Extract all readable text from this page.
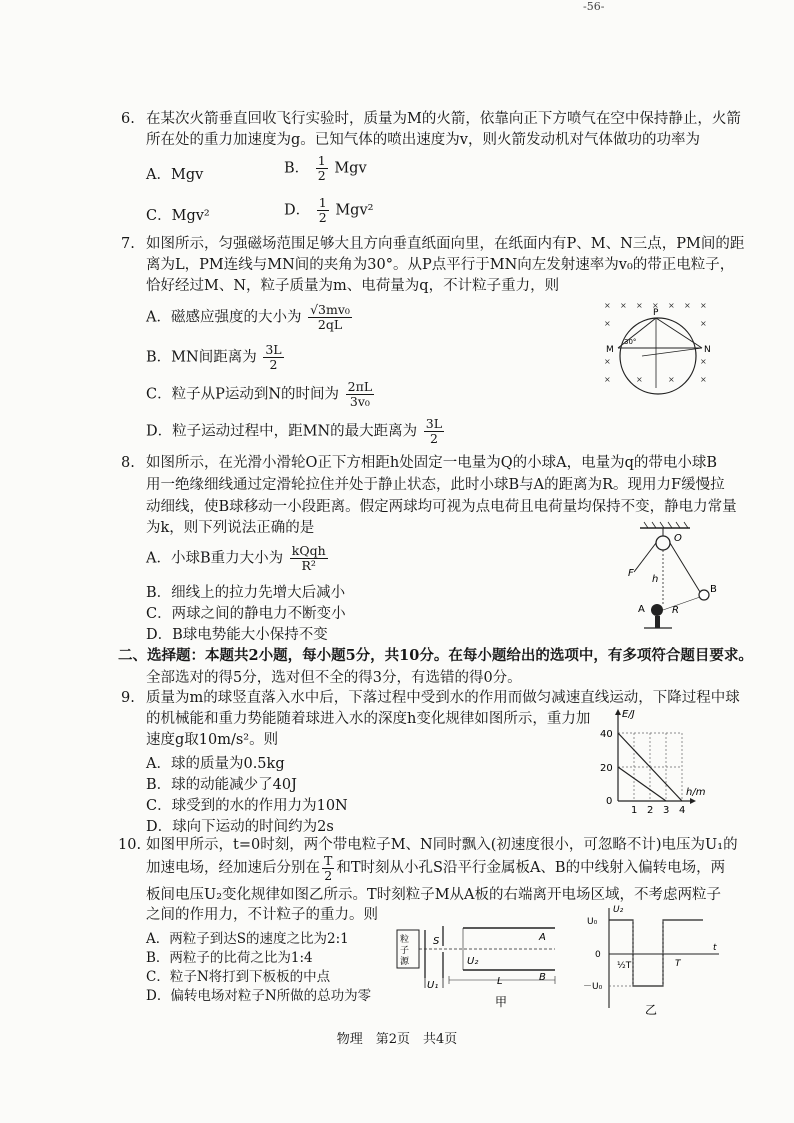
-56-
6. 在某次火箭垂直回收飞行实验时，质量为M的火箭，依靠向正下方喷气在空中保持静止，火箭
所在处的重力加速度为g。已知气体的喷出速度为v，则火箭发动机对气体做功的功率为
A．Mgv	B． $\frac{1}{2}$ Mgv
C．Mgv²	D． $\frac{1}{2} Mgv^2$
7. 如图所示，匀强磁场范围足够大且方向垂直纸面向里，在纸面内有P、M、N三点，PM间的距
离为L，PM连线与MN间的夹角为30°。从P点平行于MN向左发射速率为v₀的带正电粒子，
恰好经过M、N，粒子质量为m、电荷量为q，不计粒子重力，则
A．磁感应强度的大小为 $\frac{\text{√3mv₀}}{2qL}$
B．MN间距离为 $\frac{3L}{2}$
C．粒子从P运动到N的时间为 $\frac{2\pi L}{\text{3v₀}}$
D．粒子运动过程中，距MN的最大距离为 $\frac{3L}{2}$
× × × × × × ×
×	×
×	×
×	×
×	×
P
M	N
30°
8. 如图所示，在光滑小滑轮O正下方相距h处固定一电量为Q的小球A，电量为q的带电小球B
用一绝缘细线通过定滑轮拉住并处于静止状态，此时小球B与A的距离为R。现用力F缓慢拉
动细线，使B球移动一小段距离。假定两球均可视为点电荷且电荷量均保持不变，静电力常量
为k，则下列说法正确的是
A．小球B重力大小为 $\frac{\text{kQqh}}{\text{R²}}$
B．细线上的拉力先增大后减小
C．两球之间的静电力不断变小
D．B球电势能大小保持不变
O
F
h
B
A	R
二、选择题：本题共2小题，每小题5分，共10分。在每小题给出的选项中，有多项符合题目要求。
全部选对的得5分，选对但不全的得3分，有选错的得0分。
9. 质量为m的球竖直落入水中后，下落过程中受到水的作用而做匀减速直线运动，下降过程中球
的机械能和重力势能随着球进入水的深度h变化规律如图所示，重力加
速度g取10m/s²。则
A．球的质量为0.5kg
B．球的动能减少了40J
C．球受到的水的作用力为10N
D．球向下运动的时间约为2s
E/J
h/m
40
20
0
1 2 3 4
10. 如图甲所示，t=0时刻，两个带电粒子M、N同时飘入(初速度很小，可忽略不计)电压为U₁的
加速电场，经加速后分别在 $\frac{T}{2}$ 和T时刻从小孔S沿平行金属板A、B的中线射入偏转电场，两
板间电压U₂变化规律如图乙所示。T时刻粒子M从A板的右端离开电场区域，不考虑两粒子
之间的作用力，不计粒子的重力。则
A．两粒子到达S的速度之比为2:1
B．两粒子的比荷之比为1:4
C．粒子N将打到下板板的中点
D．偏转电场对粒子N所做的总功为零
粒
子
源
S	A
B
U₂
U₁	L
甲
U₂
U₀
0
－U₀
½T	T
t
乙
物理　第2页　共4页
